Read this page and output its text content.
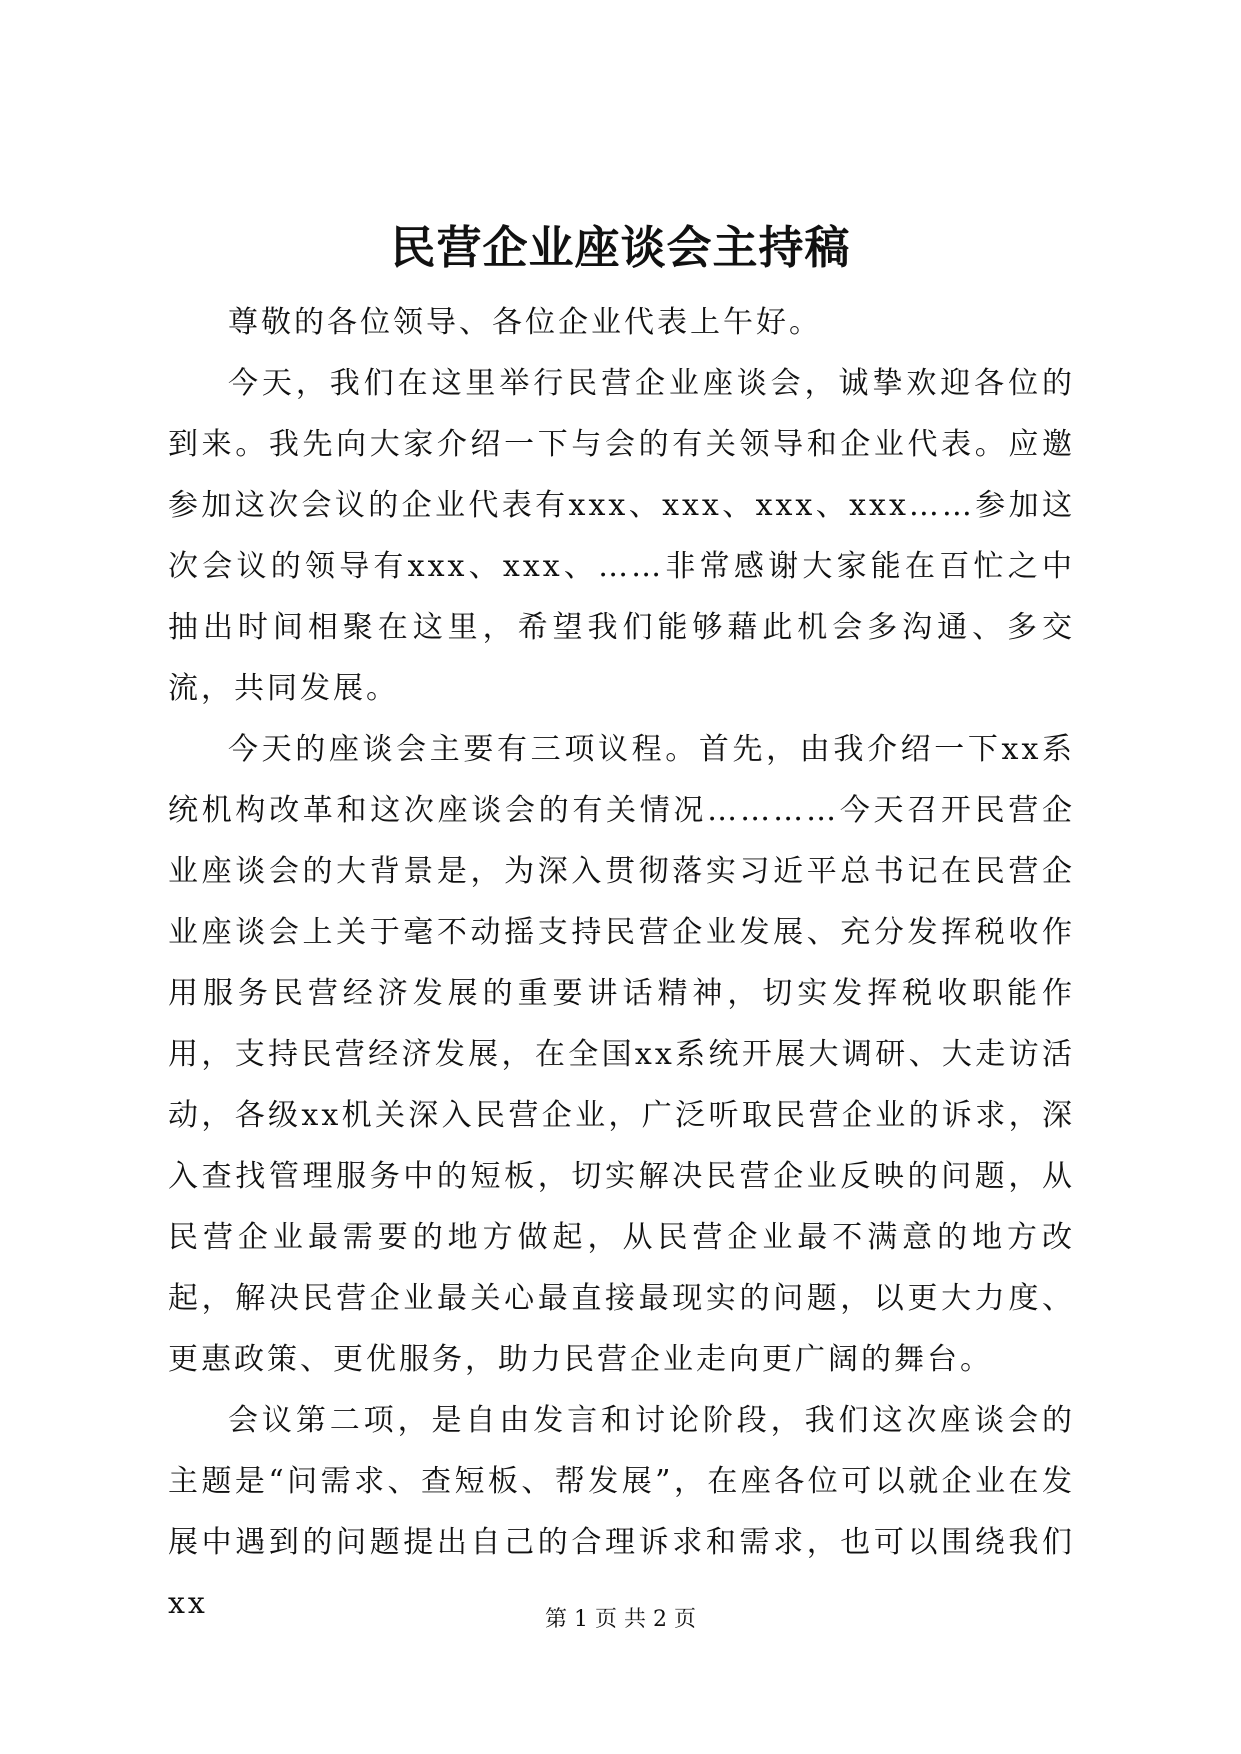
民营企业座谈会主持稿

尊敬的各位领导、各位企业代表上午好。

今天，我们在这里举行民营企业座谈会，诚挚欢迎各位的到来。我先向大家介绍一下与会的有关领导和企业代表。应邀参加这次会议的企业代表有xxx、xxx、xxx、xxx……参加这次会议的领导有xxx、xxx、……非常感谢大家能在百忙之中抽出时间相聚在这里，希望我们能够藉此机会多沟通、多交流，共同发展。

今天的座谈会主要有三项议程。首先，由我介绍一下xx系统机构改革和这次座谈会的有关情况…………今天召开民营企业座谈会的大背景是，为深入贯彻落实习近平总书记在民营企业座谈会上关于毫不动摇支持民营企业发展、充分发挥税收作用服务民营经济发展的重要讲话精神，切实发挥税收职能作用，支持民营经济发展，在全国xx系统开展大调研、大走访活动，各级xx机关深入民营企业，广泛听取民营企业的诉求，深入查找管理服务中的短板，切实解决民营企业反映的问题，从民营企业最需要的地方做起，从民营企业最不满意的地方改起，解决民营企业最关心最直接最现实的问题，以更大力度、更惠政策、更优服务，助力民营企业走向更广阔的舞台。

会议第二项，是自由发言和讨论阶段，我们这次座谈会的主题是“问需求、查短板、帮发展”，在座各位可以就企业在发展中遇到的问题提出自己的合理诉求和需求，也可以围绕我们xx	第 1 页 共 2 页
